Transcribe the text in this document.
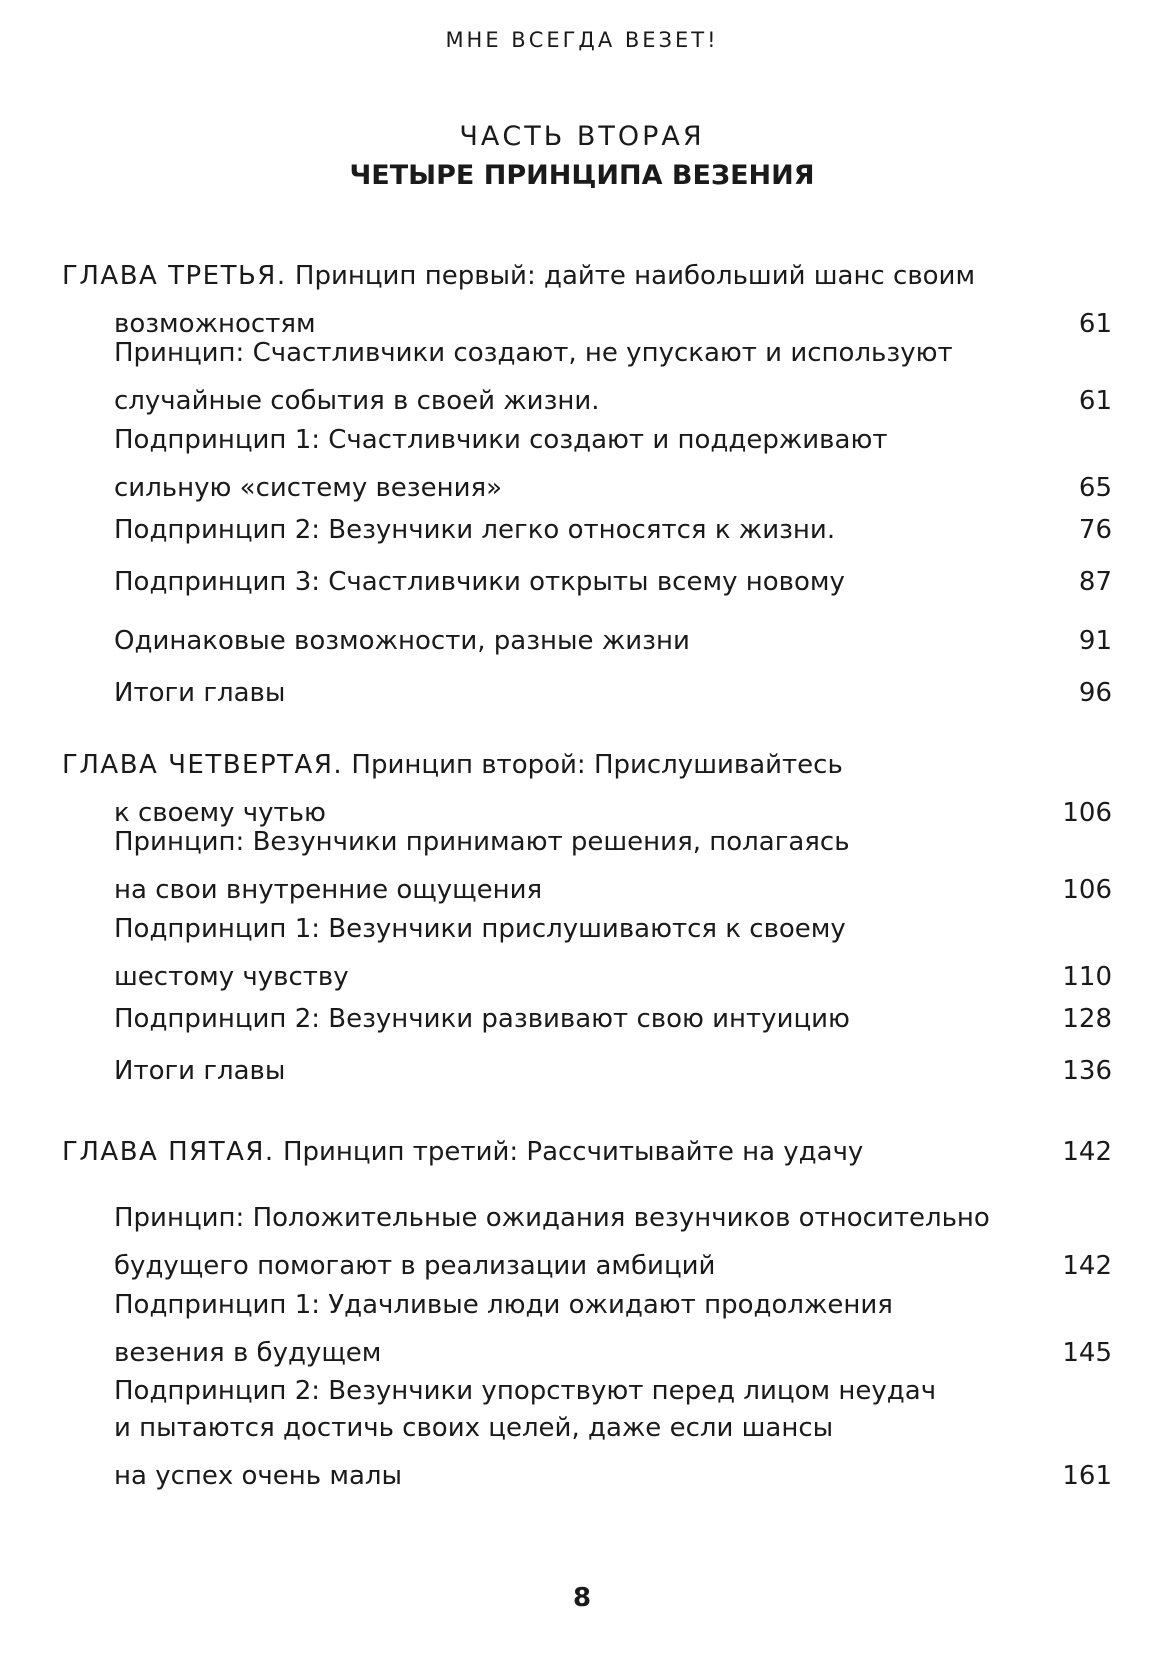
МНЕ ВСЕГДА ВЕЗЕТ!
ЧАСТЬ ВТОРАЯ
ЧЕТЫРЕ ПРИНЦИПА ВЕЗЕНИЯ
ГЛАВА ТРЕТЬЯ. Принцип первый: дайте наибольший шанс своим
возможностям	61
Принцип: Счастливчики создают, не упускают и используют
случайные события в своей жизни.	61
Подпринцип 1: Счастливчики создают и поддерживают
сильную «систему везения»	65
Подпринцип 2: Везунчики легко относятся к жизни.	76
Подпринцип 3: Счастливчики открыты всему новому	87
Одинаковые возможности, разные жизни	91
Итоги главы	96
ГЛАВА ЧЕТВЕРТАЯ. Принцип второй: Прислушивайтесь
к своему чутью	106
Принцип: Везунчики принимают решения, полагаясь
на свои внутренние ощущения	106
Подпринцип 1: Везунчики прислушиваются к своему
шестому чувству	110
Подпринцип 2: Везунчики развивают свою интуицию	128
Итоги главы	136
ГЛАВА ПЯТАЯ. Принцип третий: Рассчитывайте на удачу	142
Принцип: Положительные ожидания везунчиков относительно
будущего помогают в реализации амбиций	142
Подпринцип 1: Удачливые люди ожидают продолжения
везения в будущем	145
Подпринцип 2: Везунчики упорствуют перед лицом неудач
и пытаются достичь своих целей, даже если шансы
на успех очень малы	161
8
